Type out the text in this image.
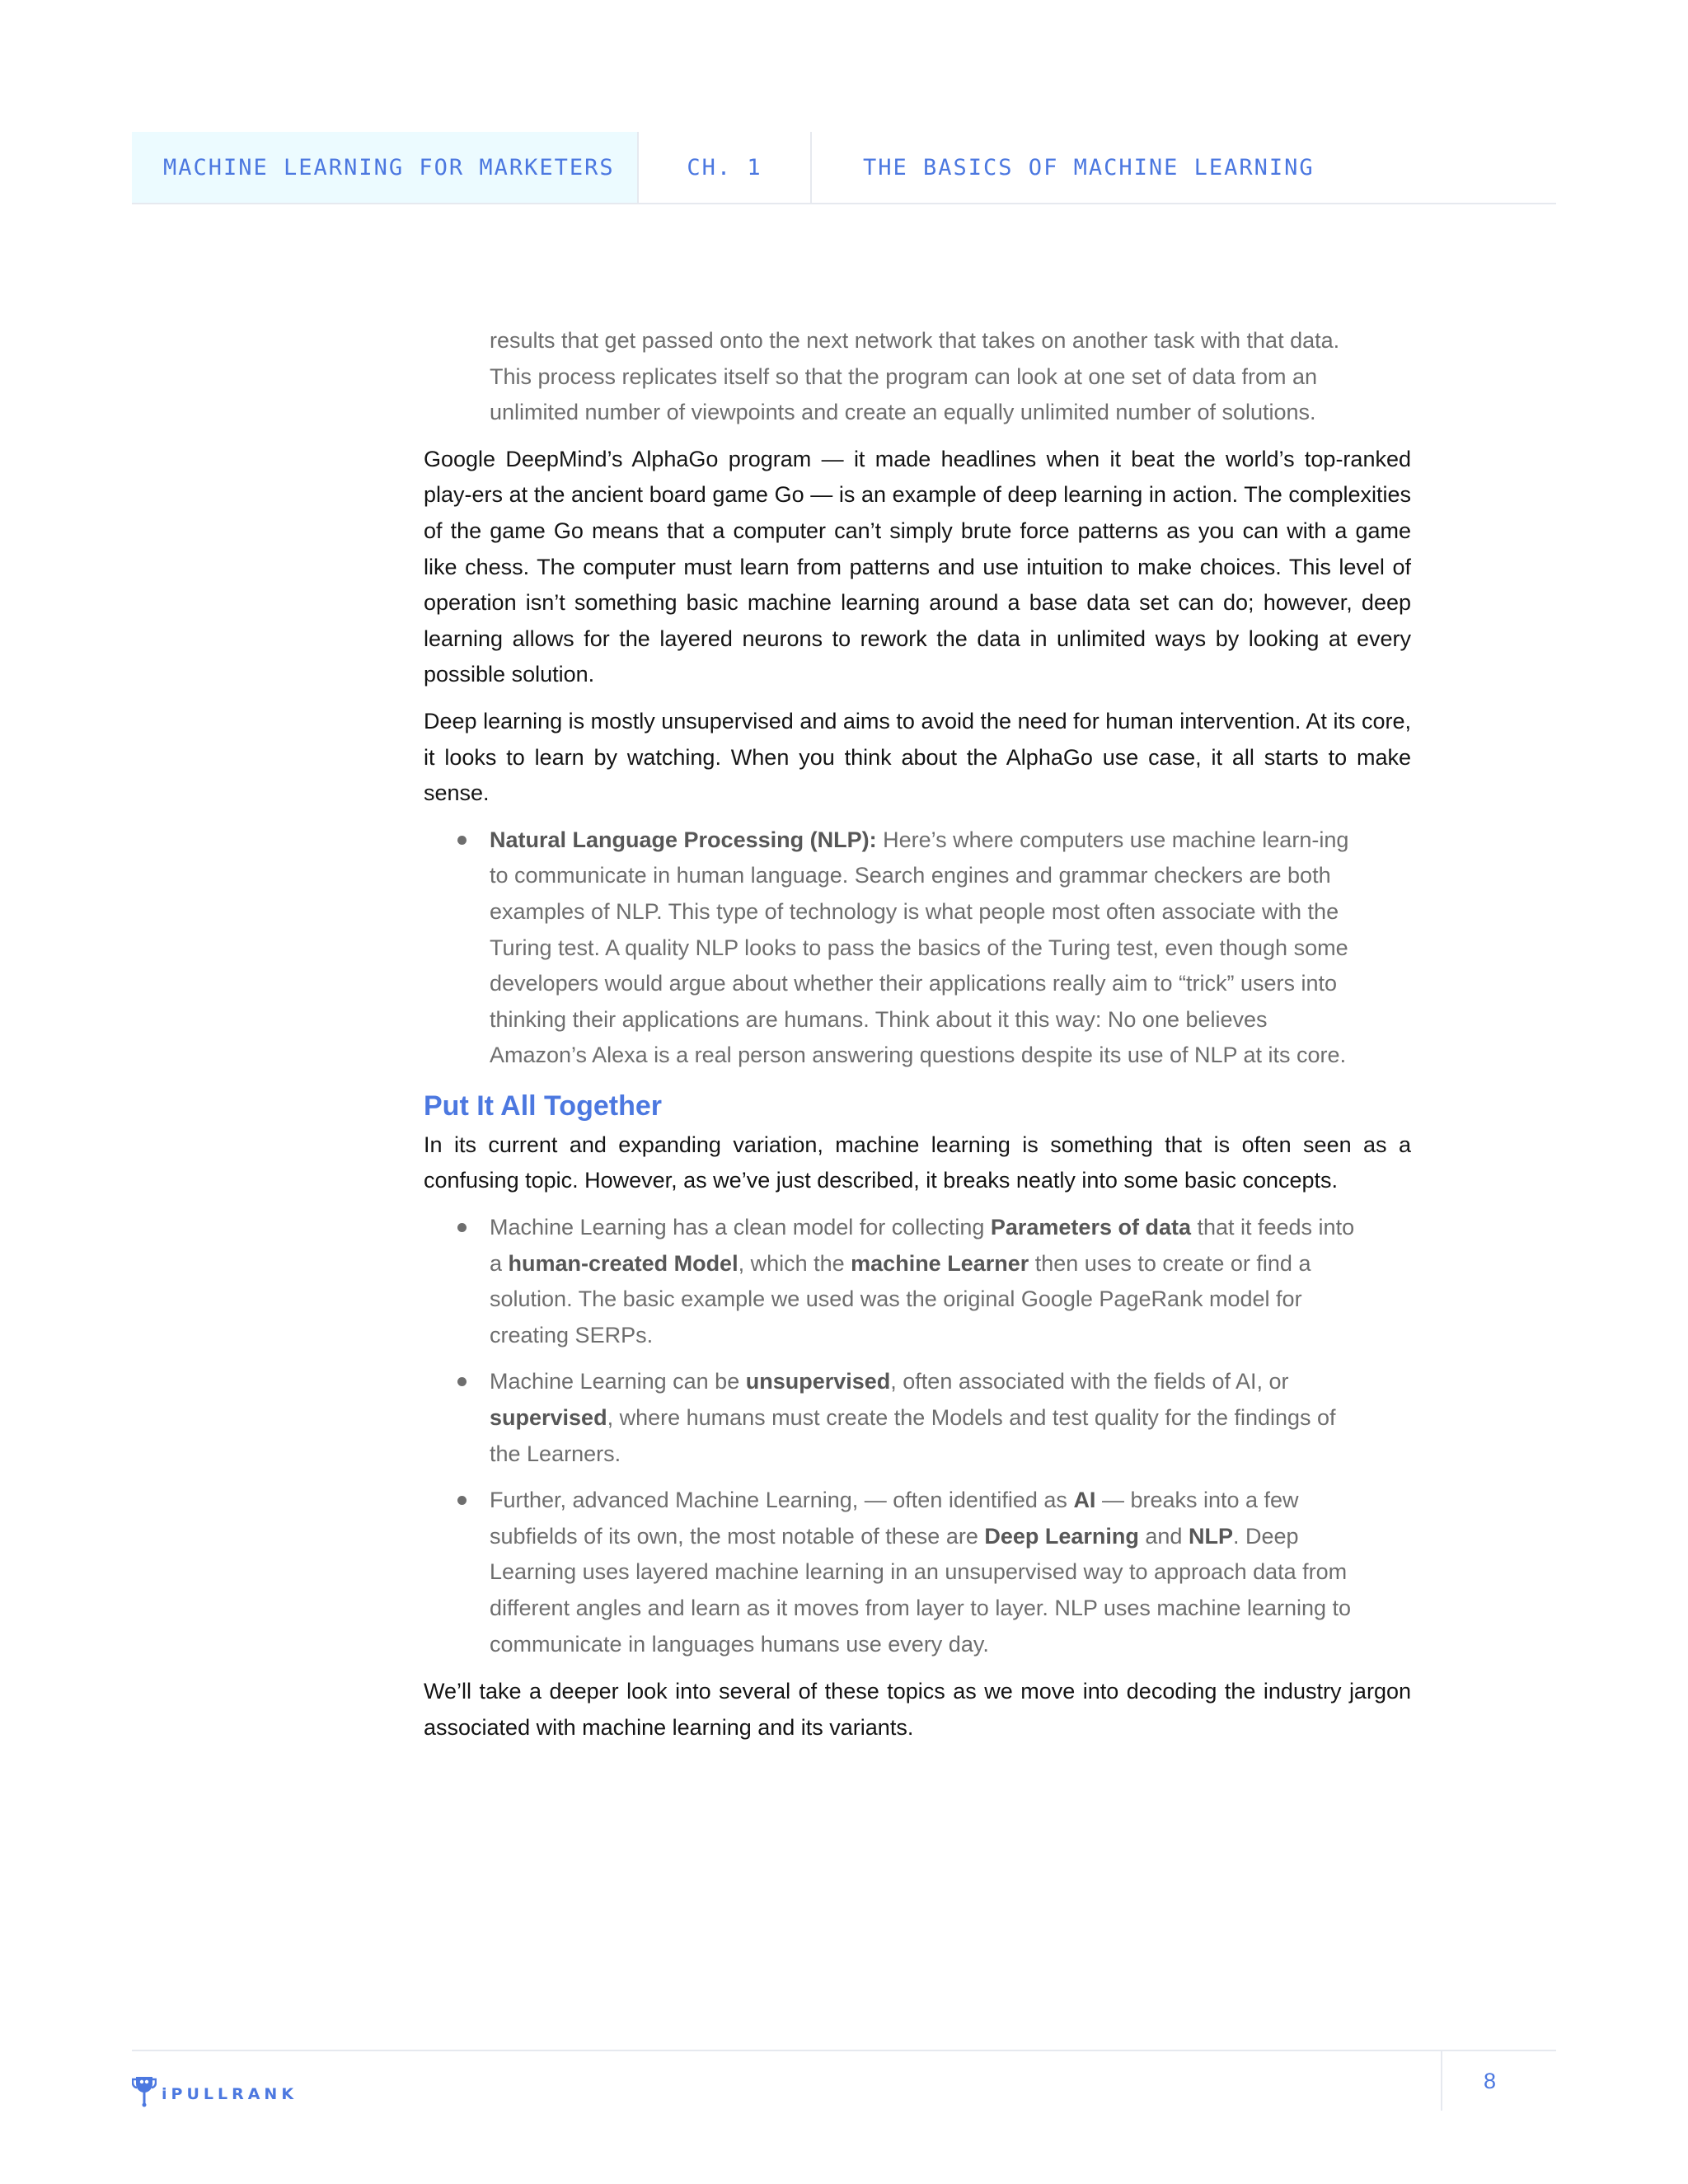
MACHINE LEARNING FOR MARKETERS	CH. 1	THE BASICS OF MACHINE LEARNING

results that get passed onto the next network that takes on another task with that data. This process replicates itself so that the program can look at one set of data from an unlimited number of viewpoints and create an equally unlimited number of solutions.

Google DeepMind’s AlphaGo program — it made headlines when it beat the world’s top-ranked play-ers at the ancient board game Go — is an example of deep learning in action. The complexities of the game Go means that a computer can’t simply brute force patterns as you can with a game like chess. The computer must learn from patterns and use intuition to make choices. This level of operation isn’t something basic machine learning around a base data set can do; however, deep learning allows for the layered neurons to rework the data in unlimited ways by looking at every possible solution.

Deep learning is mostly unsupervised and aims to avoid the need for human intervention. At its core, it looks to learn by watching. When you think about the AlphaGo use case, it all starts to make sense.

Natural Language Processing (NLP): Here’s where computers use machine learn-ing to communicate in human language. Search engines and grammar checkers are both examples of NLP. This type of technology is what people most often associate with the Turing test. A quality NLP looks to pass the basics of the Turing test, even though some developers would argue about whether their applications really aim to “trick” users into thinking their applications are humans. Think about it this way: No one believes Amazon’s Alexa is a real person answering questions despite its use of NLP at its core.
Put It All Together

In its current and expanding variation, machine learning is something that is often seen as a confusing topic. However, as we’ve just described, it breaks neatly into some basic concepts.

Machine Learning has a clean model for collecting Parameters of data that it feeds into a human-created Model, which the machine Learner then uses to create or find a solution. The basic example we used was the original Google PageRank model for creating SERPs.
Machine Learning can be unsupervised, often associated with the fields of AI, or supervised, where humans must create the Models and test quality for the findings of the Learners.
Further, advanced Machine Learning, — often identified as AI — breaks into a few subfields of its own, the most notable of these are Deep Learning and NLP. Deep Learning uses layered machine learning in an unsupervised way to approach data from different angles and learn as it moves from layer to layer. NLP uses machine learning to communicate in languages humans use every day.

We’ll take a deeper look into several of these topics as we move into decoding the industry jargon associated with machine learning and its variants.

iPULLRANK
8
